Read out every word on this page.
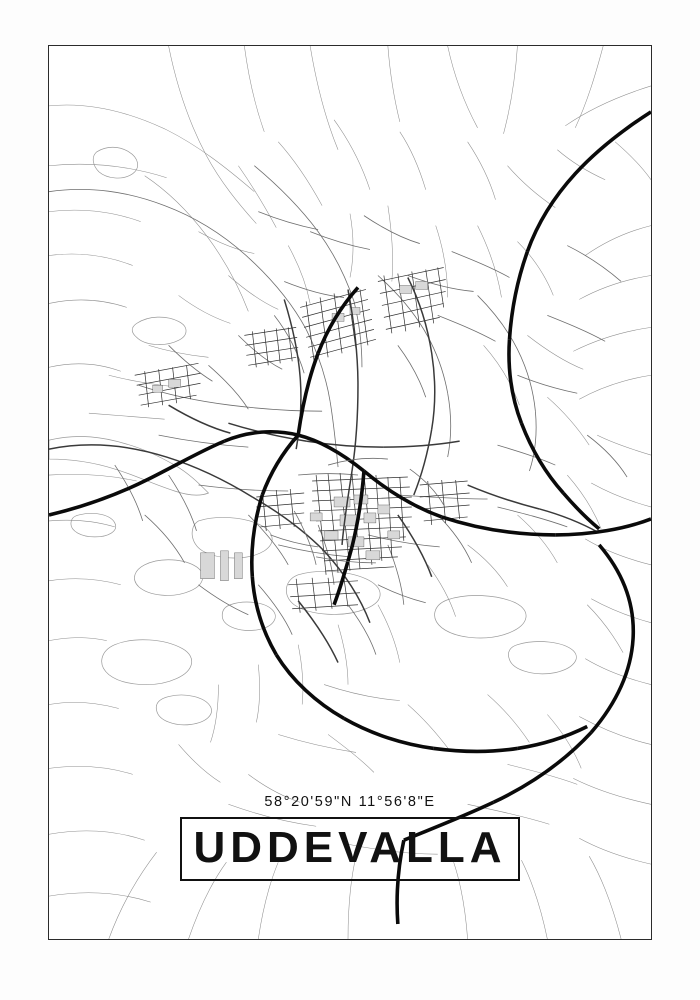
58°20'59"N 11°56'8"E
UDDEVALLA
